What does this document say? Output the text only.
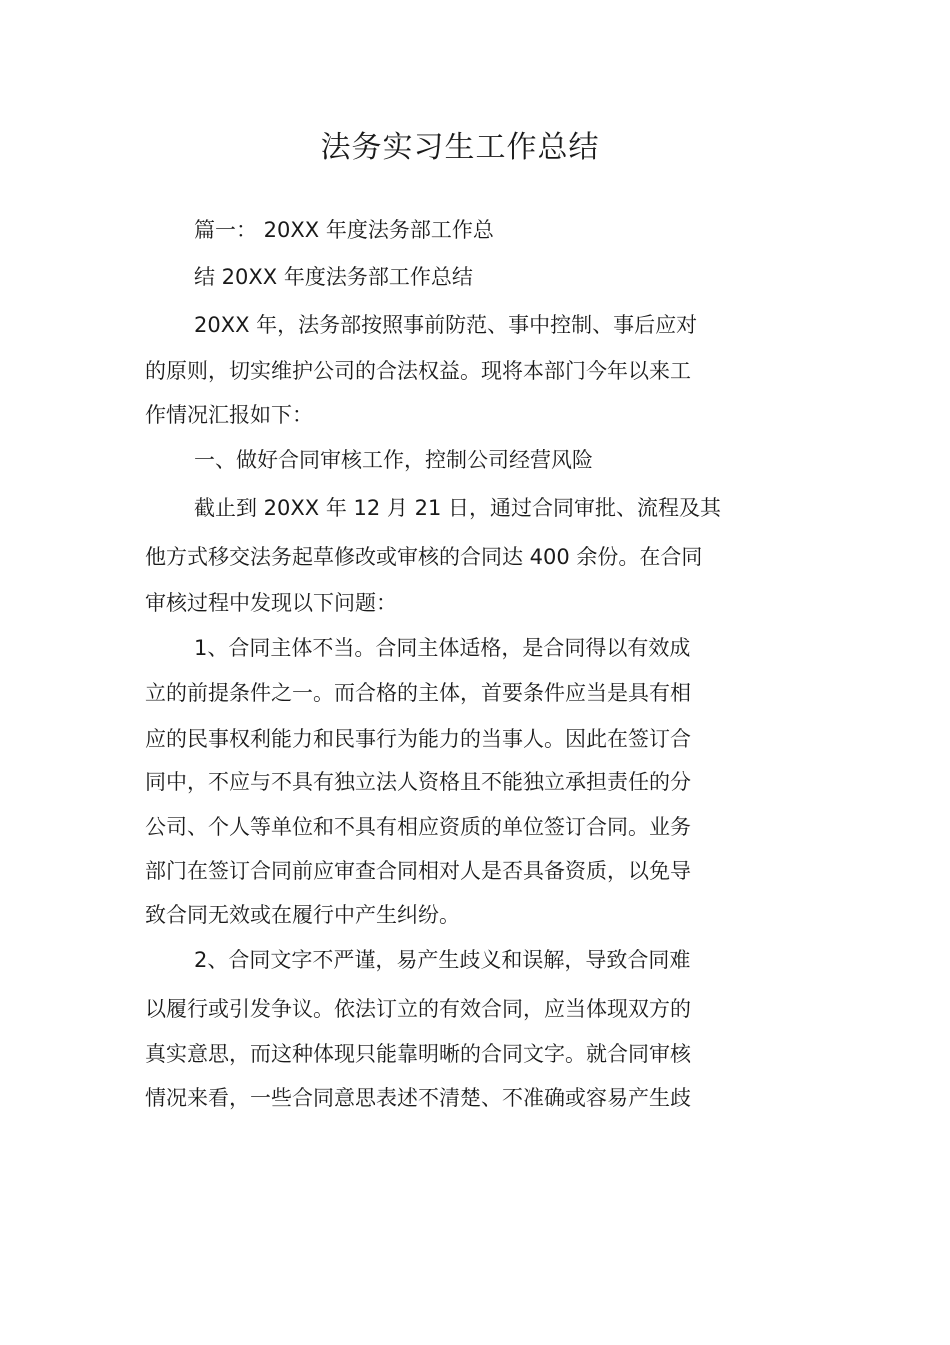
法务实习生工作总结
篇一： 20XX 年度法务部工作总
结 20XX 年度法务部工作总结
20XX 年，法务部按照事前防范、事中控制、事后应对
的原则，切实维护公司的合法权益。现将本部门今年以来工
作情况汇报如下：
一、做好合同审核工作，控制公司经营风险
截止到 20XX 年 12 月 21 日，通过合同审批、流程及其
他方式移交法务起草修改或审核的合同达 400 余份。在合同
审核过程中发现以下问题：
1、合同主体不当。合同主体适格，是合同得以有效成
立的前提条件之一。而合格的主体，首要条件应当是具有相
应的民事权利能力和民事行为能力的当事人。因此在签订合
同中，不应与不具有独立法人资格且不能独立承担责任的分
公司、个人等单位和不具有相应资质的单位签订合同。业务
部门在签订合同前应审查合同相对人是否具备资质，以免导
致合同无效或在履行中产生纠纷。
2、合同文字不严谨，易产生歧义和误解，导致合同难
以履行或引发争议。依法订立的有效合同，应当体现双方的
真实意思，而这种体现只能靠明晰的合同文字。就合同审核
情况来看，一些合同意思表述不清楚、不准确或容易产生歧
